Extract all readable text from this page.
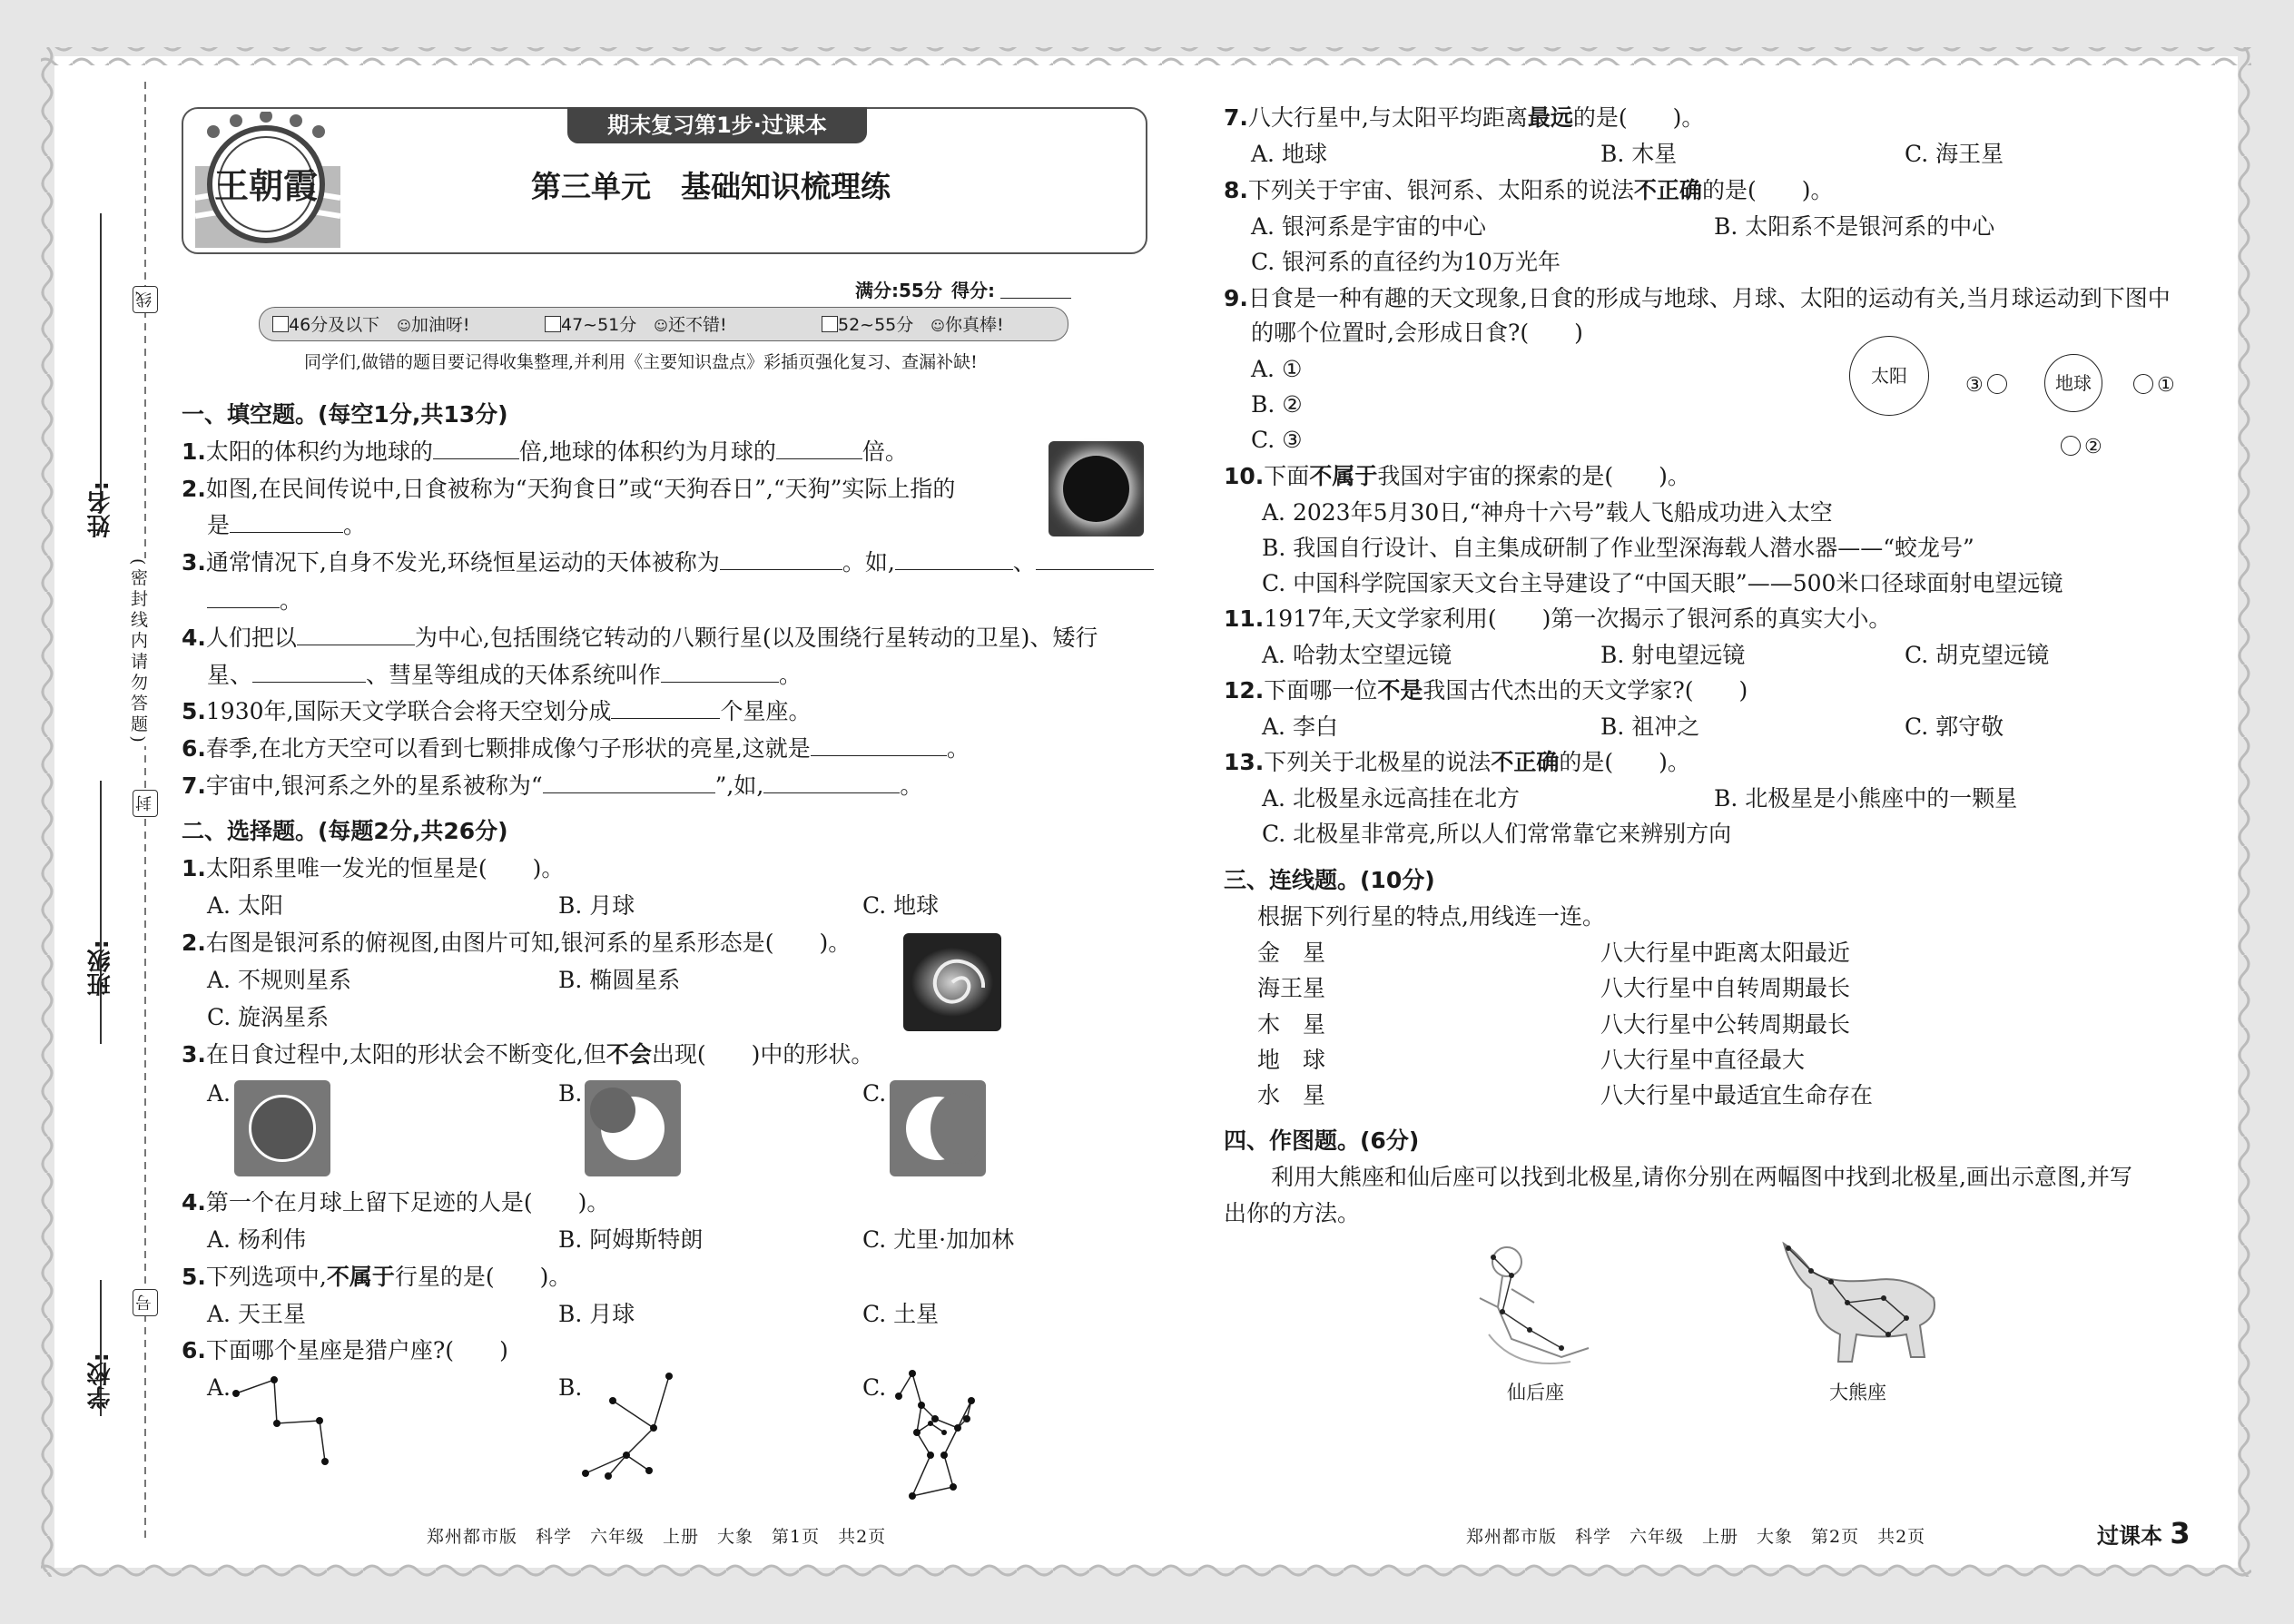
姓名:
班级:
学校:
线
封
号
(密封线内请勿答题)
期末复习第1步·过课本
王朝霞	第三单元　基础知识梳理练
满分:55分 得分:
46分及以下　 ☺加油呀!	47~51分　 ☺还不错!	52~55分　 ☺你真棒!
同学们,做错的题目要记得收集整理,并利用《主要知识盘点》彩插页强化复习、查漏补缺!
一、填空题。(每空1分,共13分)
1.太阳的体积约为地球的	倍,地球的体积约为月球的	倍。
2.如图,在民间传说中,日食被称为“天狗食日”或“天狗吞日”,“天狗”实际上指的
是	。
3.通常情况下,自身不发光,环绕恒星运动的天体被称为	。如,	、
。
4.人们把以	为中心,包括围绕它转动的八颗行星(以及围绕行星转动的卫星)、矮行
星、	、彗星等组成的天体系统叫作	。
5.1930年,国际天文学联合会将天空划分成	个星座。
6.春季,在北方天空可以看到七颗排成像勺子形状的亮星,这就是	。
7.宇宙中,银河系之外的星系被称为“	”,如,	。
二、选择题。(每题2分,共26分)
1.太阳系里唯一发光的恒星是(　　)。
A. 太阳	B. 月球	C. 地球
2.右图是银河系的俯视图,由图片可知,银河系的星系形态是(　　)。
A. 不规则星系	B. 椭圆星系
C. 旋涡星系
3.在日食过程中,太阳的形状会不断变化,但不会出现(　　)中的形状。
A.	B.	C.
4.第一个在月球上留下足迹的人是(　　)。
A. 杨利伟	B. 阿姆斯特朗	C. 尤里·加加林
5.下列选项中,不属于行星的是(　　)。
A. 天王星	B. 月球	C. 土星
6.下面哪个星座是猎户座?(　　)
A.	B.	C.
7.八大行星中,与太阳平均距离最远的是(　　)。
A. 地球	B. 木星	C. 海王星
8.下列关于宇宙、银河系、太阳系的说法不正确的是(　　)。
A. 银河系是宇宙的中心	B. 太阳系不是银河系的中心
C. 银河系的直径约为10万光年
9.日食是一种有趣的天文现象,日食的形成与地球、月球、太阳的运动有关,当月球运动到下图中
的哪个位置时,会形成日食?(　　)
A. ①
B. ②
C. ③
太阳	③	地球	①
②
10.下面不属于我国对宇宙的探索的是(　　)。
A. 2023年5月30日,“神舟十六号”载人飞船成功进入太空
B. 我国自行设计、自主集成研制了作业型深海载人潜水器——“蛟龙号”
C. 中国科学院国家天文台主导建设了“中国天眼”——500米口径球面射电望远镜
11.1917年,天文学家利用(　　)第一次揭示了银河系的真实大小。
A. 哈勃太空望远镜	B. 射电望远镜	C. 胡克望远镜
12.下面哪一位不是我国古代杰出的天文学家?(　　)
A. 李白	B. 祖冲之	C. 郭守敬
13.下列关于北极星的说法不正确的是(　　)。
A. 北极星永远高挂在北方	B. 北极星是小熊座中的一颗星
C. 北极星非常亮,所以人们常常靠它来辨别方向
三、连线题。(10分)
根据下列行星的特点,用线连一连。
金　星	八大行星中距离太阳最近
海王星	八大行星中自转周期最长
木　星	八大行星中公转周期最长
地　球	八大行星中直径最大
水　星	八大行星中最适宜生命存在
四、作图题。(6分)
利用大熊座和仙后座可以找到北极星,请你分别在两幅图中找到北极星,画出示意图,并写
出你的方法。
仙后座	大熊座
郑州都市版　科学　六年级　上册　大象　第1页　共2页	郑州都市版　科学　六年级　上册　大象　第2页　共2页	过课本 3
